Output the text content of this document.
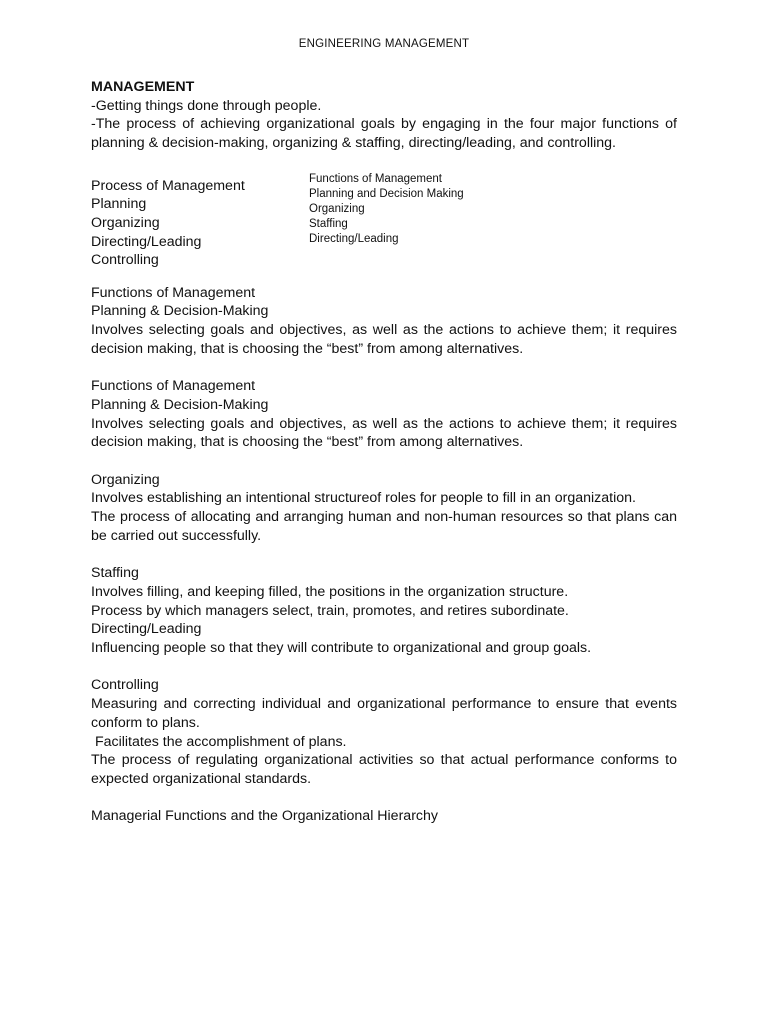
ENGINEERING MANAGEMENT
MANAGEMENT
-Getting things done through people.
-The process of achieving organizational goals by engaging in the four major functions of planning & decision-making, organizing & staffing, directing/leading, and controlling.
Process of Management
Planning
Organizing
Directing/Leading
Controlling
Functions of Management
Planning and Decision Making
Organizing
Staffing
Directing/Leading
Functions of Management
Planning & Decision-Making
Involves selecting goals and objectives, as well as the actions to achieve them; it requires decision making, that is choosing the “best” from among alternatives.
Functions of Management
Planning & Decision-Making
Involves selecting goals and objectives, as well as the actions to achieve them; it requires decision making, that is choosing the “best” from among alternatives.
Organizing
Involves establishing an intentional structureof roles for people to fill in an organization.
The process of allocating and arranging human and non-human resources so that plans can be carried out successfully.
Staffing
Involves filling, and keeping filled, the positions in the organization structure.
Process by which managers select, train, promotes, and retires subordinate.
Directing/Leading
Influencing people so that they will contribute to organizational and group goals.
Controlling
Measuring and correcting individual and organizational performance to ensure that events conform to plans.
Facilitates the accomplishment of plans.
The process of regulating organizational activities so that actual performance conforms to expected organizational standards.
Managerial Functions and the Organizational Hierarchy
